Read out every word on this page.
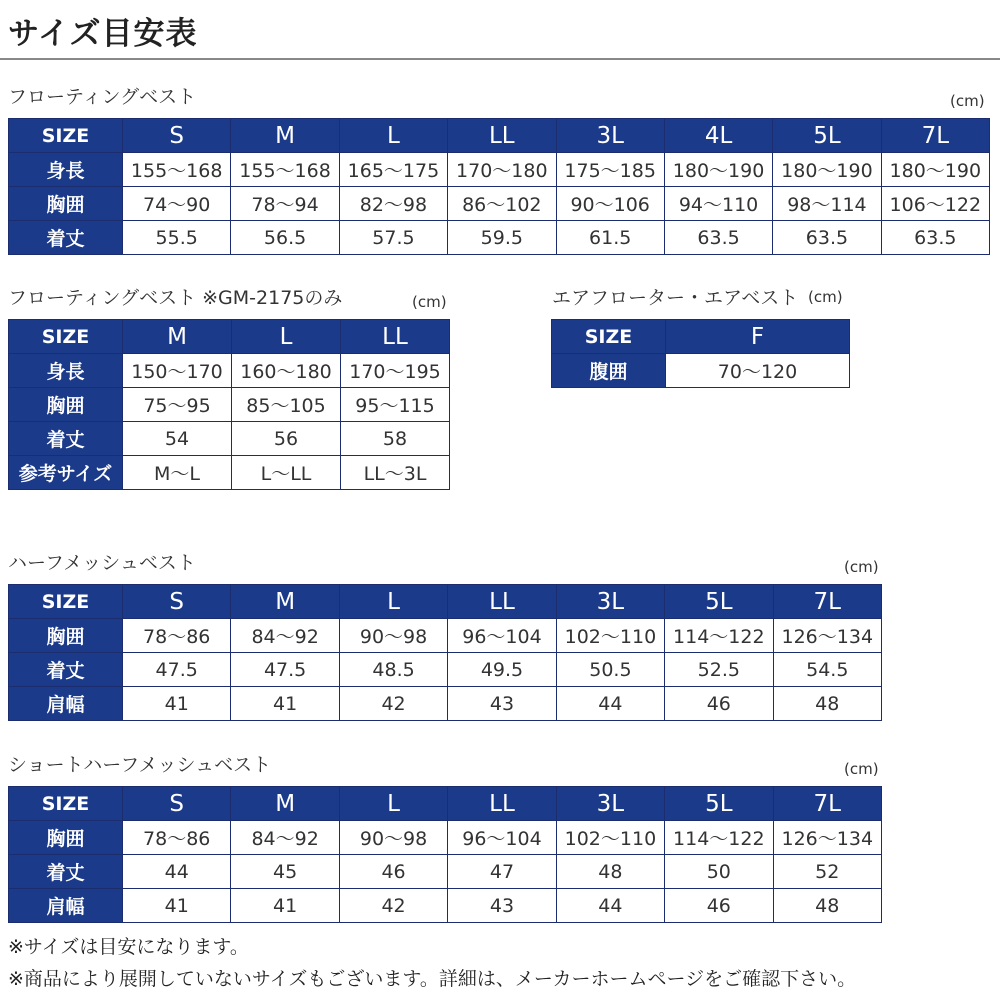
サイズ目安表
フローティングベスト	(cm)
SIZE	S	M	L	LL	3L	4L	5L	7L
身長	155〜168	155〜168	165〜175	170〜180	175〜185	180〜190	180〜190	180〜190
胸囲	74〜90	78〜94	82〜98	86〜102	90〜106	94〜110	98〜114	106〜122
着丈	55.5	56.5	57.5	59.5	61.5	63.5	63.5	63.5
フローティングベスト ※GM-2175のみ	(cm)
SIZE	M	L	LL
身長	150〜170	160〜180	170〜195
胸囲	75〜95	85〜105	95〜115
着丈	54	56	58
参考サイズ	M〜L	L〜LL	LL〜3L
エアフローター・エアベスト (cm)
SIZE	F
腹囲	70〜120
ハーフメッシュベスト	(cm)
SIZE	S	M	L	LL	3L	5L	7L
胸囲	78〜86	84〜92	90〜98	96〜104	102〜110	114〜122	126〜134
着丈	47.5	47.5	48.5	49.5	50.5	52.5	54.5
肩幅	41	41	42	43	44	46	48
ショートハーフメッシュベスト	(cm)
SIZE	S	M	L	LL	3L	5L	7L
胸囲	78〜86	84〜92	90〜98	96〜104	102〜110	114〜122	126〜134
着丈	44	45	46	47	48	50	52
肩幅	41	41	42	43	44	46	48
※サイズは目安になります。
※商品により展開していないサイズもございます。詳細は、メーカーホームページをご確認下さい。
